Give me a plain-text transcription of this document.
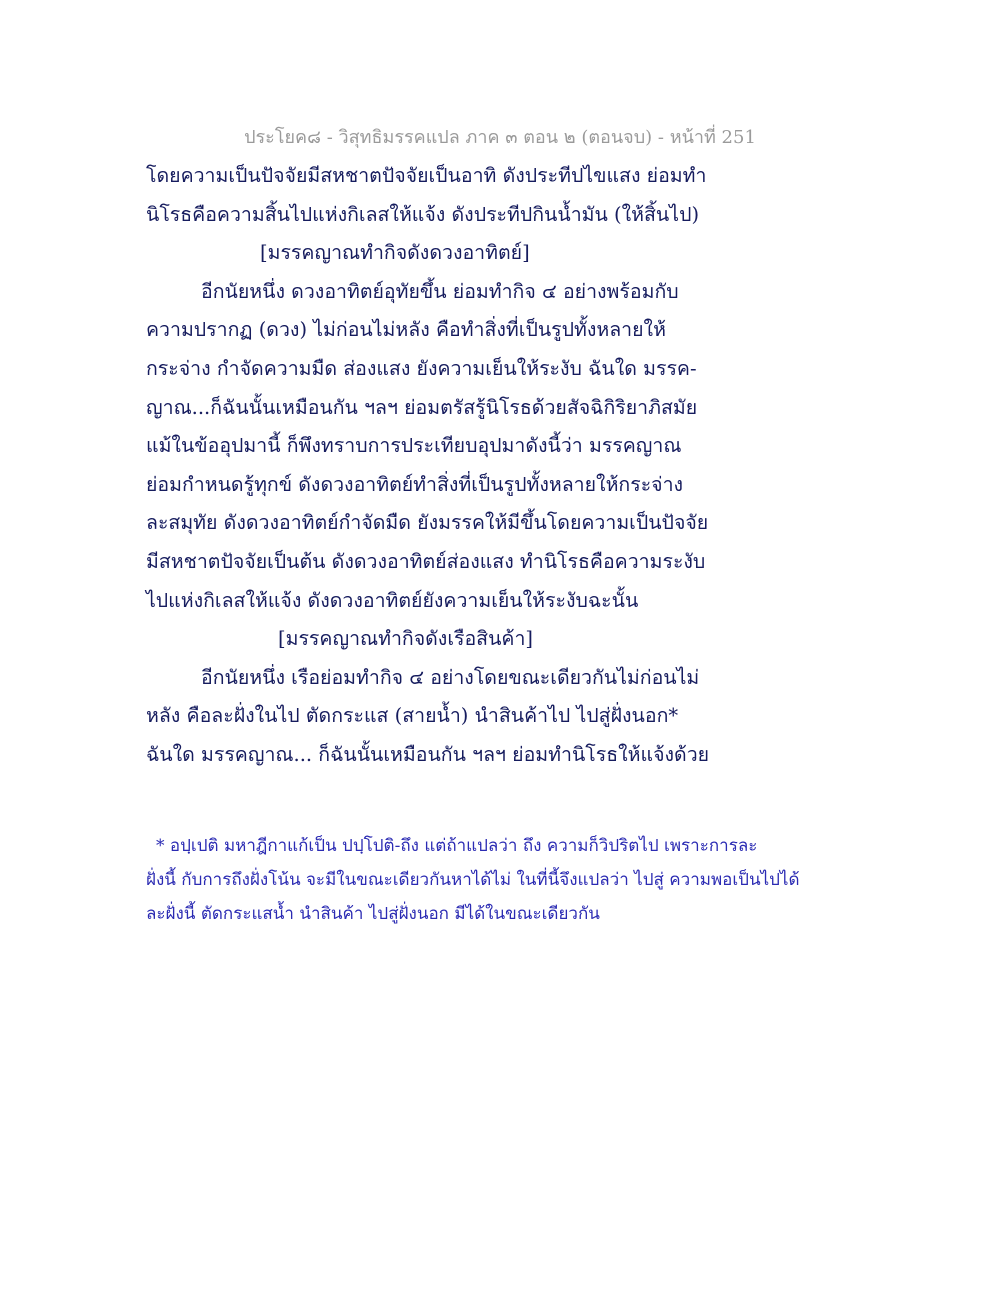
ประโยค๘ - วิสุทธิมรรคแปล ภาค ๓ ตอน ๒ (ตอนจบ) - หน้าที่ 251
โดยความเป็นปัจจัยมีสหชาตปัจจัยเป็นอาทิ ดังประทีปไขแสง ย่อมทำ
นิโรธคือความสิ้นไปแห่งกิเลสให้แจ้ง ดังประทีปกินน้ำมัน (ให้สิ้นไป)
[มรรคญาณทำกิจดังดวงอาทิตย์]
อีกนัยหนึ่ง ดวงอาทิตย์อุทัยขึ้น ย่อมทำกิจ ๔ อย่างพร้อมกับ
ความปรากฏ (ดวง) ไม่ก่อนไม่หลัง คือทำสิ่งที่เป็นรูปทั้งหลายให้
กระจ่าง กำจัดความมืด ส่องแสง ยังความเย็นให้ระงับ ฉันใด มรรค-
ญาณ...ก็ฉันนั้นเหมือนกัน ฯลฯ ย่อมตรัสรู้นิโรธด้วยสัจฉิกิริยาภิสมัย
แม้ในข้ออุปมานี้ ก็พึงทราบการประเทียบอุปมาดังนี้ว่า มรรคญาณ
ย่อมกำหนดรู้ทุกข์ ดังดวงอาทิตย์ทำสิ่งที่เป็นรูปทั้งหลายให้กระจ่าง
ละสมุทัย ดังดวงอาทิตย์กำจัดมืด ยังมรรคให้มีขึ้นโดยความเป็นปัจจัย
มีสหชาตปัจจัยเป็นต้น ดังดวงอาทิตย์ส่องแสง ทำนิโรธคือความระงับ
ไปแห่งกิเลสให้แจ้ง ดังดวงอาทิตย์ยังความเย็นให้ระงับฉะนั้น
[มรรคญาณทำกิจดังเรือสินค้า]
อีกนัยหนึ่ง เรือย่อมทำกิจ ๔ อย่างโดยขณะเดียวกันไม่ก่อนไม่
หลัง คือละฝั่งในไป ตัดกระแส (สายน้ำ) นำสินค้าไป ไปสู่ฝั่งนอก*
ฉันใด มรรคญาณ... ก็ฉันนั้นเหมือนกัน ฯลฯ ย่อมทำนิโรธให้แจ้งด้วย
* อปฺเปติ มหาฎีกาแก้เป็น ปปฺโปติ-ถึง แต่ถ้าแปลว่า ถึง ความก็วิปริตไป เพราะการละ
ฝั่งนี้ กับการถึงฝั่งโน้น จะมีในขณะเดียวกันหาได้ไม่ ในที่นี้จึงแปลว่า ไปสู่ ความพอเป็นไปได้
ละฝั่งนี้ ตัดกระแสน้ำ นำสินค้า ไปสู่ฝั่งนอก มีได้ในขณะเดียวกัน
